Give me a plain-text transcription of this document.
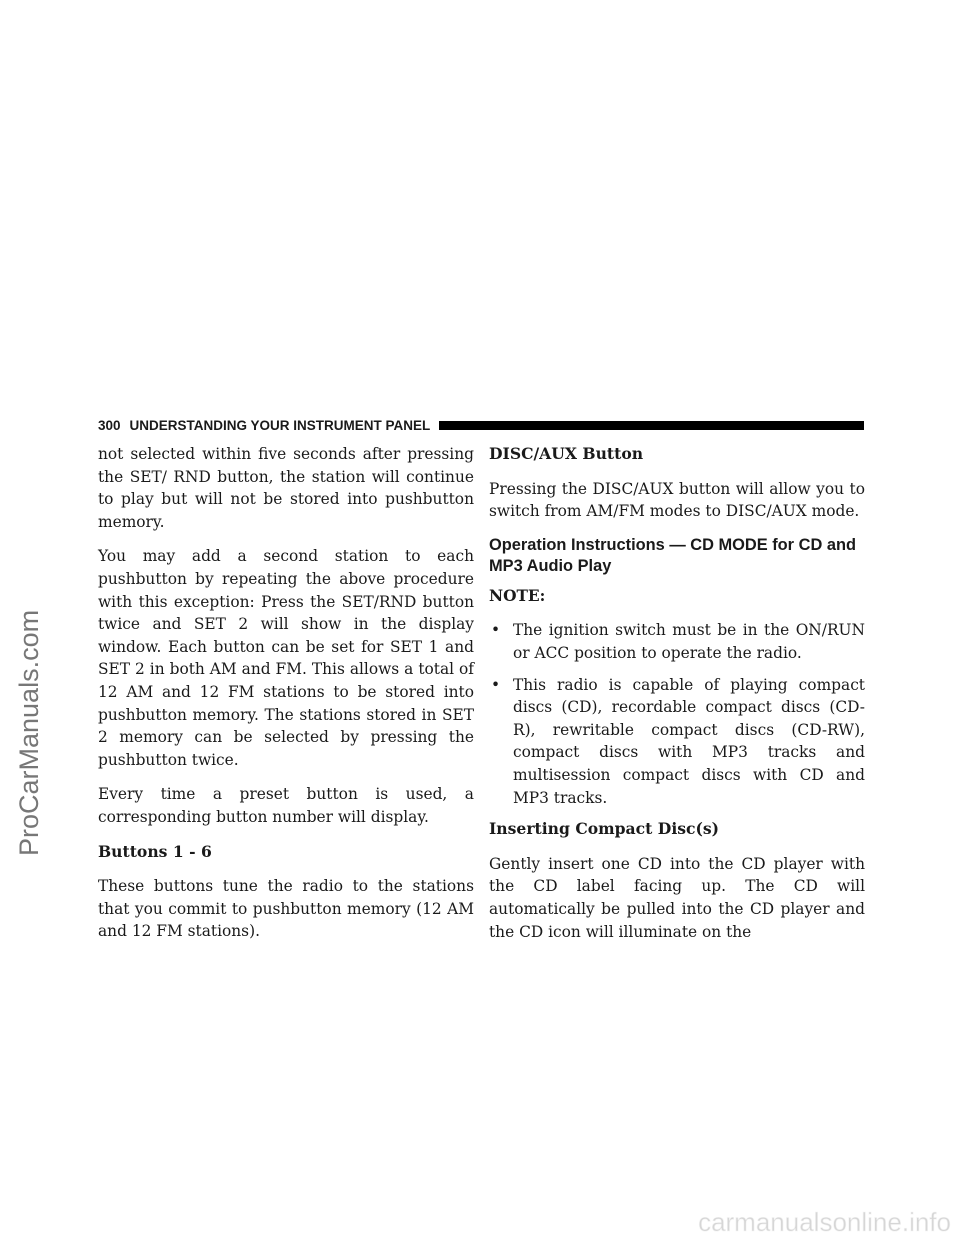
ProCarManuals.com
300 UNDERSTANDING YOUR INSTRUMENT PANEL

not selected within five seconds after pressing the SET/ RND button, the station will continue to play but will not be stored into pushbutton memory.

You may add a second station to each pushbutton by repeating the above procedure with this exception: Press the SET/RND button twice and SET 2 will show in the display window. Each button can be set for SET 1 and SET 2 in both AM and FM. This allows a total of 12 AM and 12 FM stations to be stored into pushbutton memory. The stations stored in SET 2 memory can be selected by pressing the pushbutton twice.

Every time a preset button is used, a corresponding button number will display.

Buttons 1 - 6

These buttons tune the radio to the stations that you commit to pushbutton memory (12 AM and 12 FM stations).

DISC/AUX Button

Pressing the DISC/AUX button will allow you to switch from AM/FM modes to DISC/AUX mode.

Operation Instructions — CD MODE for CD and MP3 Audio Play

NOTE:

• The ignition switch must be in the ON/RUN or ACC position to operate the radio.
• This radio is capable of playing compact discs (CD), recordable compact discs (CD-R), rewritable compact discs (CD-RW), compact discs with MP3 tracks and multisession compact discs with CD and MP3 tracks.

Inserting Compact Disc(s)

Gently insert one CD into the CD player with the CD label facing up. The CD will automatically be pulled into the CD player and the CD icon will illuminate on the

carmanualsonline.info
